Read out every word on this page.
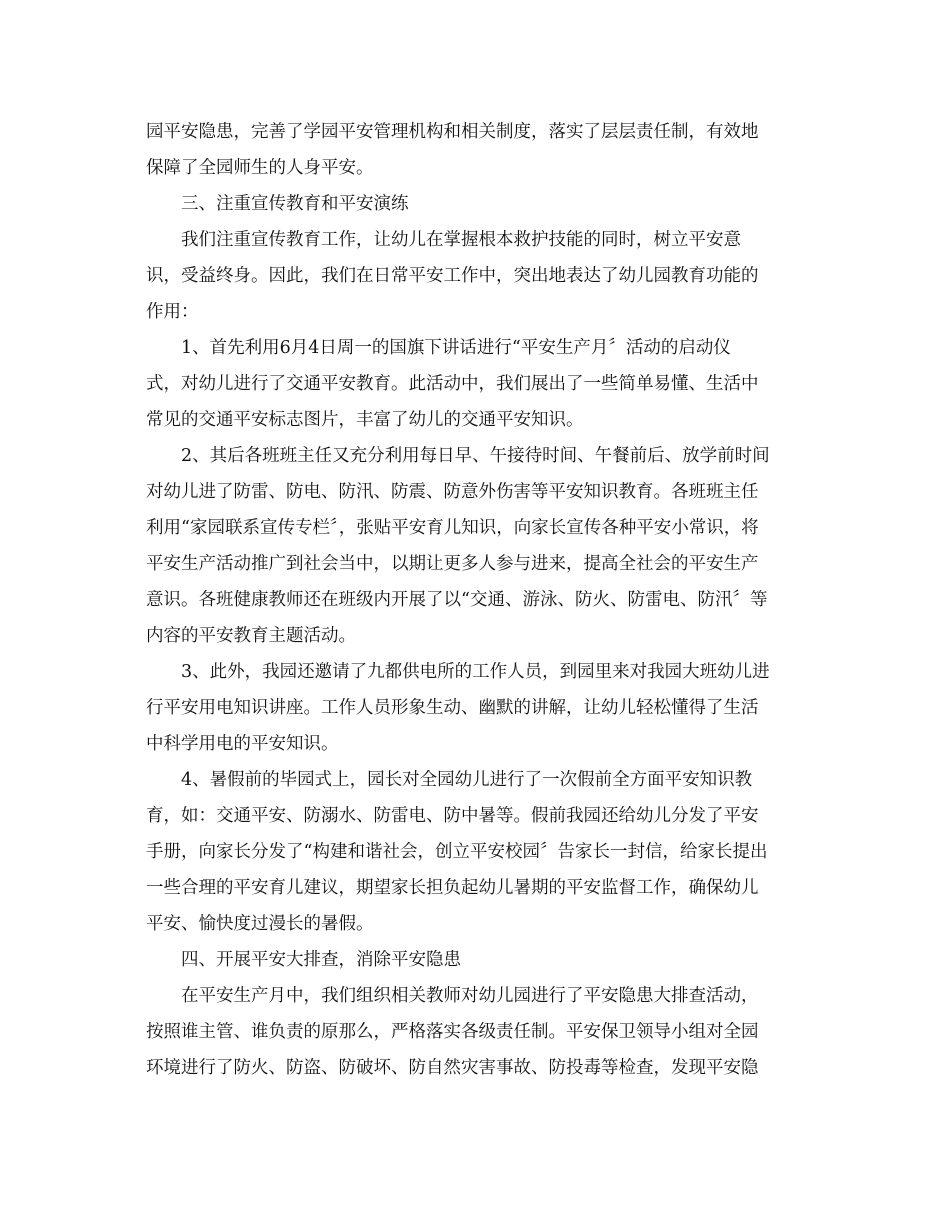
园平安隐患，完善了学园平安管理机构和相关制度，落实了层层责任制，有效地
保障了全园师生的人身平安。
三、注重宣传教育和平安演练
我们注重宣传教育工作，让幼儿在掌握根本救护技能的同时，树立平安意
识，受益终身。因此，我们在日常平安工作中，突出地表达了幼儿园教育功能的
作用：
1、首先利用6月4日周一的国旗下讲话进行“平安生产月〞活动的启动仪
式，对幼儿进行了交通平安教育。此活动中，我们展出了一些简单易懂、生活中
常见的交通平安标志图片，丰富了幼儿的交通平安知识。
2、其后各班班主任又充分利用每日早、午接待时间、午餐前后、放学前时间
对幼儿进了防雷、防电、防汛、防震、防意外伤害等平安知识教育。各班班主任
利用“家园联系宣传专栏〞，张贴平安育儿知识，向家长宣传各种平安小常识，将
平安生产活动推广到社会当中，以期让更多人参与进来，提高全社会的平安生产
意识。各班健康教师还在班级内开展了以“交通、游泳、防火、防雷电、防汛〞等
内容的平安教育主题活动。
3、此外，我园还邀请了九都供电所的工作人员，到园里来对我园大班幼儿进
行平安用电知识讲座。工作人员形象生动、幽默的讲解，让幼儿轻松懂得了生活
中科学用电的平安知识。
4、暑假前的毕园式上，园长对全园幼儿进行了一次假前全方面平安知识教
育，如：交通平安、防溺水、防雷电、防中暑等。假前我园还给幼儿分发了平安
手册，向家长分发了“构建和谐社会，创立平安校园〞告家长一封信，给家长提出
一些合理的平安育儿建议，期望家长担负起幼儿暑期的平安监督工作，确保幼儿
平安、愉快度过漫长的暑假。
四、开展平安大排查，消除平安隐患
在平安生产月中，我们组织相关教师对幼儿园进行了平安隐患大排查活动，
按照谁主管、谁负责的原那么，严格落实各级责任制。平安保卫领导小组对全园
环境进行了防火、防盗、防破坏、防自然灾害事故、防投毒等检查，发现平安隐
